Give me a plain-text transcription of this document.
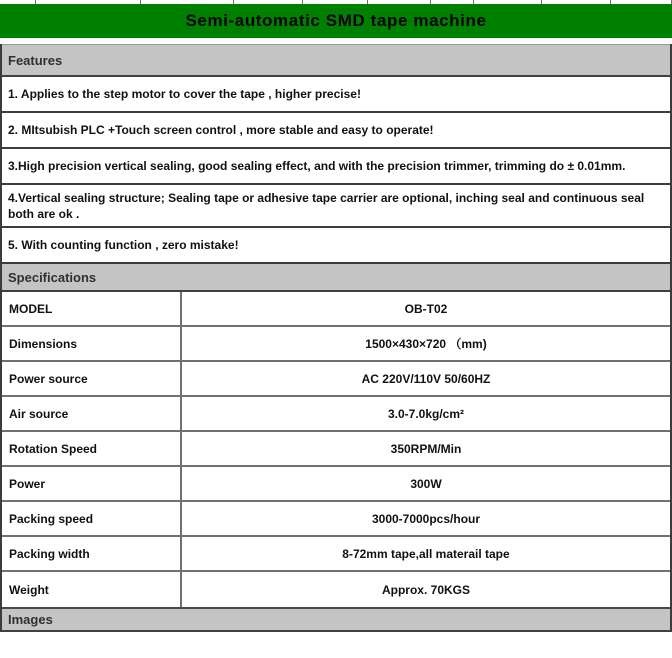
Semi-automatic SMD tape machine
Features
1. Applies to the step motor to cover the tape , higher precise!
2. MItsubish PLC +Touch screen control , more stable and easy to operate!
3.High precision vertical sealing, good sealing effect, and with the precision trimmer, trimming do ± 0.01mm.
4.Vertical sealing structure; Sealing tape or adhesive tape carrier are optional, inching seal and continuous seal both are ok .
5. With counting function , zero mistake!
Specifications
MODEL	OB-T02
Dimensions	1500×430×720 （mm)
Power source	AC 220V/110V 50/60HZ
Air source	3.0-7.0kg/cm²
Rotation Speed	350RPM/Min
Power	300W
Packing speed	3000-7000pcs/hour
Packing width	8-72mm tape,all materail tape
Weight	Approx. 70KGS
Images
